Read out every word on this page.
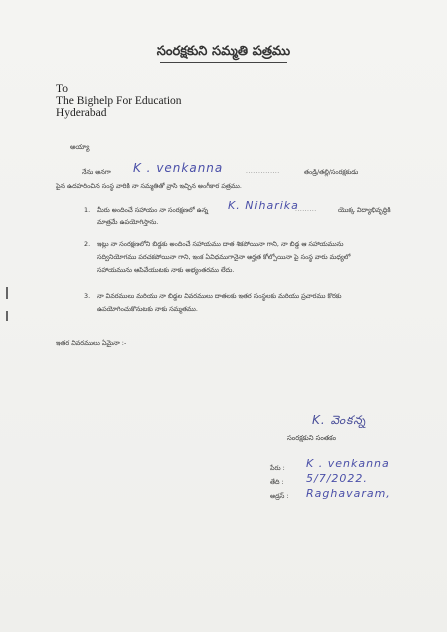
సంరక్షకుని సమ్మతి పత్రము
To
The Bighelp For Education
Hyderabad
అయ్యా
నేను అనగా K . venkanna	..............	తండ్రి/తల్లి/సంరక్షకుడు
పైన ఉదహరించిన సంస్థ వారికి నా సమ్మతితో వ్రాసి ఇచ్చిన అంగీకార పత్రము.
1. మీరు అందించే సహాయం నా సంరక్షణలో ఉన్న K. Niharika
.........	యొక్క విద్యాభివృద్ధికి
మాత్రమే ఉపయోగిస్తాను.
2. ఇట్లు నా సంరక్షణలోని బిడ్డకు అందించే సహాయము దాత శికపోయినా గాని, నా బిడ్డ ఆ సహాయమును
సద్వినియోగము పరచకపోయినా గాని, ఇంక ఏవిధముగానైనా అర్హత కోల్పోయినా పై సంస్థ వారు మధ్యలో
సహాయమును ఆపివేయుటకు నాకు అభ్యంతరము లేదు.
3. నా వివరములు మరియు నా బిడ్డల వివరములు దాతలకు ఇతర సంస్థలకు మరియు ప్రచారము కొరకు
ఉపయోగించుకొనుటకు నాకు సమ్మతము.
ఇతర వివరములు ఏమైనా :-
K. వెంకన్న
సంరక్షకుని సంతకం
పేరు : K . venkanna
తేది : 5/7/2022.
అడ్రస్ : Raghavaram,
